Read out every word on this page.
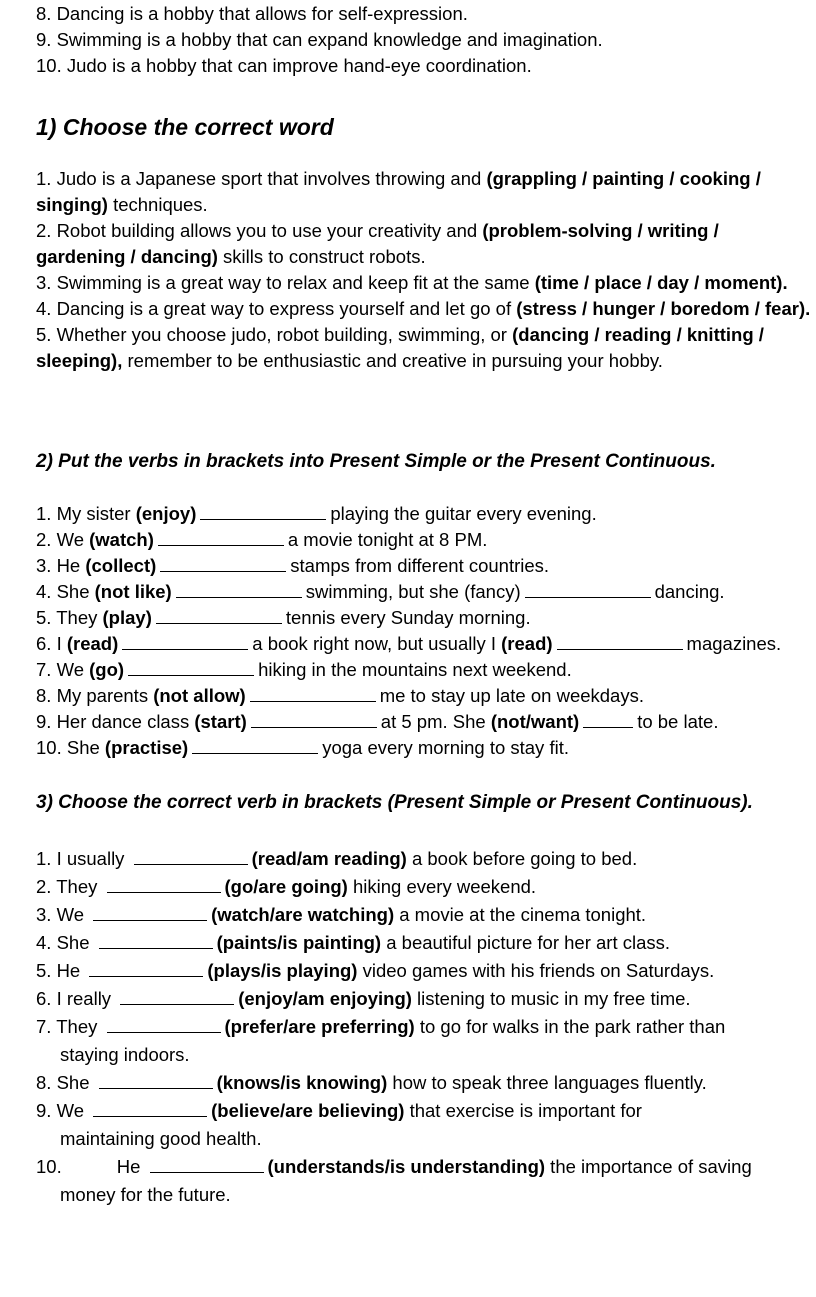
8. Dancing is a hobby that allows for self-expression.
9. Swimming is a hobby that can expand knowledge and imagination.
10. Judo is a hobby that can improve hand-eye coordination.
1) Choose the correct word
1. Judo is a Japanese sport that involves throwing and (grappling / painting / cooking / singing) techniques.
2. Robot building allows you to use your creativity and (problem-solving / writing / gardening / dancing) skills to construct robots.
3. Swimming is a great way to relax and keep fit at the same (time / place / day / moment).
4. Dancing is a great way to express yourself and let go of (stress / hunger / boredom / fear).
5. Whether you choose judo, robot building, swimming, or (dancing / reading / knitting / sleeping), remember to be enthusiastic and creative in pursuing your hobby.
2) Put the verbs in brackets into Present Simple or the Present Continuous.
1. My sister (enjoy)	playing the guitar every evening.
2. We (watch)	a movie tonight at 8 PM.
3. He (collect)	stamps from different countries.
4. She (not like)	swimming, but she (fancy)	dancing.
5. They (play)	tennis every Sunday morning.
6. I (read)	a book right now, but usually I (read)	magazines.
7. We (go)	hiking in the mountains next weekend.
8. My parents (not allow)	me to stay up late on weekdays.
9. Her dance class (start)	at 5 pm. She (not/want)	to be late.
10. She (practise)	yoga every morning to stay fit.
3) Choose the correct verb in brackets (Present Simple or Present Continuous).
1. I usually	(read/am reading) a book before going to bed.
2. They	(go/are going) hiking every weekend.
3. We	(watch/are watching) a movie at the cinema tonight.
4. She	(paints/is painting) a beautiful picture for her art class.
5. He	(plays/is playing) video games with his friends on Saturdays.
6. I really	(enjoy/am enjoying) listening to music in my free time.
7. They	(prefer/are preferring) to go for walks in the park rather than
staying indoors.
8. She	(knows/is knowing) how to speak three languages fluently.
9. We	(believe/are believing) that exercise is important for
maintaining good health.
10.	He	(understands/is understanding) the importance of saving
money for the future.
